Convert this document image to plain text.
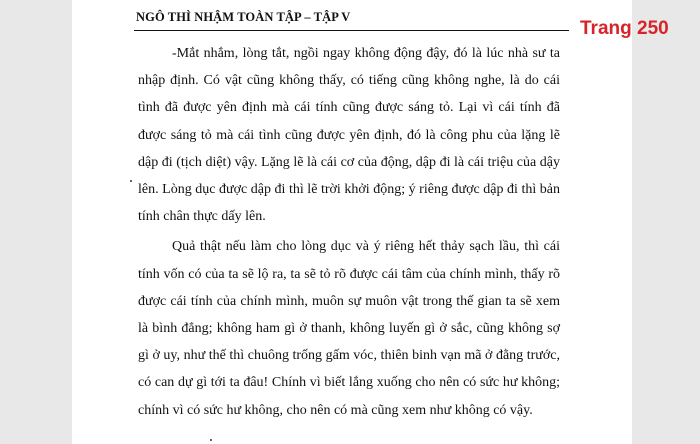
NGÔ THÌ NHẬM TOÀN TẬP – TẬP V

-Mắt nhắm, lòng tắt, ngồi ngay không động đậy, đó là lúc nhà sư ta nhập định. Có vật cũng không thấy, có tiếng cũng không nghe, là do cái tình đã được yên định mà cái tính cũng được sáng tỏ. Lại vì cái tính đã được sáng tỏ mà cái tình cũng được yên định, đó là công phu của lặng lẽ dập đi (tịch diệt) vậy. Lặng lẽ là cái cơ của động, dập đi là cái triệu của dậy lên. Lòng dục được dập đi thì lẽ trời khởi động; ý riêng được dập đi thì bản tính chân thực dấy lên.

Quả thật nếu làm cho lòng dục và ý riêng hết thảy sạch lầu, thì cái tính vốn có của ta sẽ lộ ra, ta sẽ tỏ rõ được cái tâm của chính mình, thấy rõ được cái tính của chính mình, muôn sự muôn vật trong thế gian ta sẽ xem là bình đẳng; không ham gì ở thanh, không luyến gì ở sắc, cũng không sợ gì ở uy, như thế thì chuông trống gấm vóc, thiên binh vạn mã ở đằng trước, có can dự gì tới ta đâu! Chính vì biết lắng xuống cho nên có sức hư không; chính vì có sức hư không, cho nên có mà cũng xem như không có vậy.

Trang 250
